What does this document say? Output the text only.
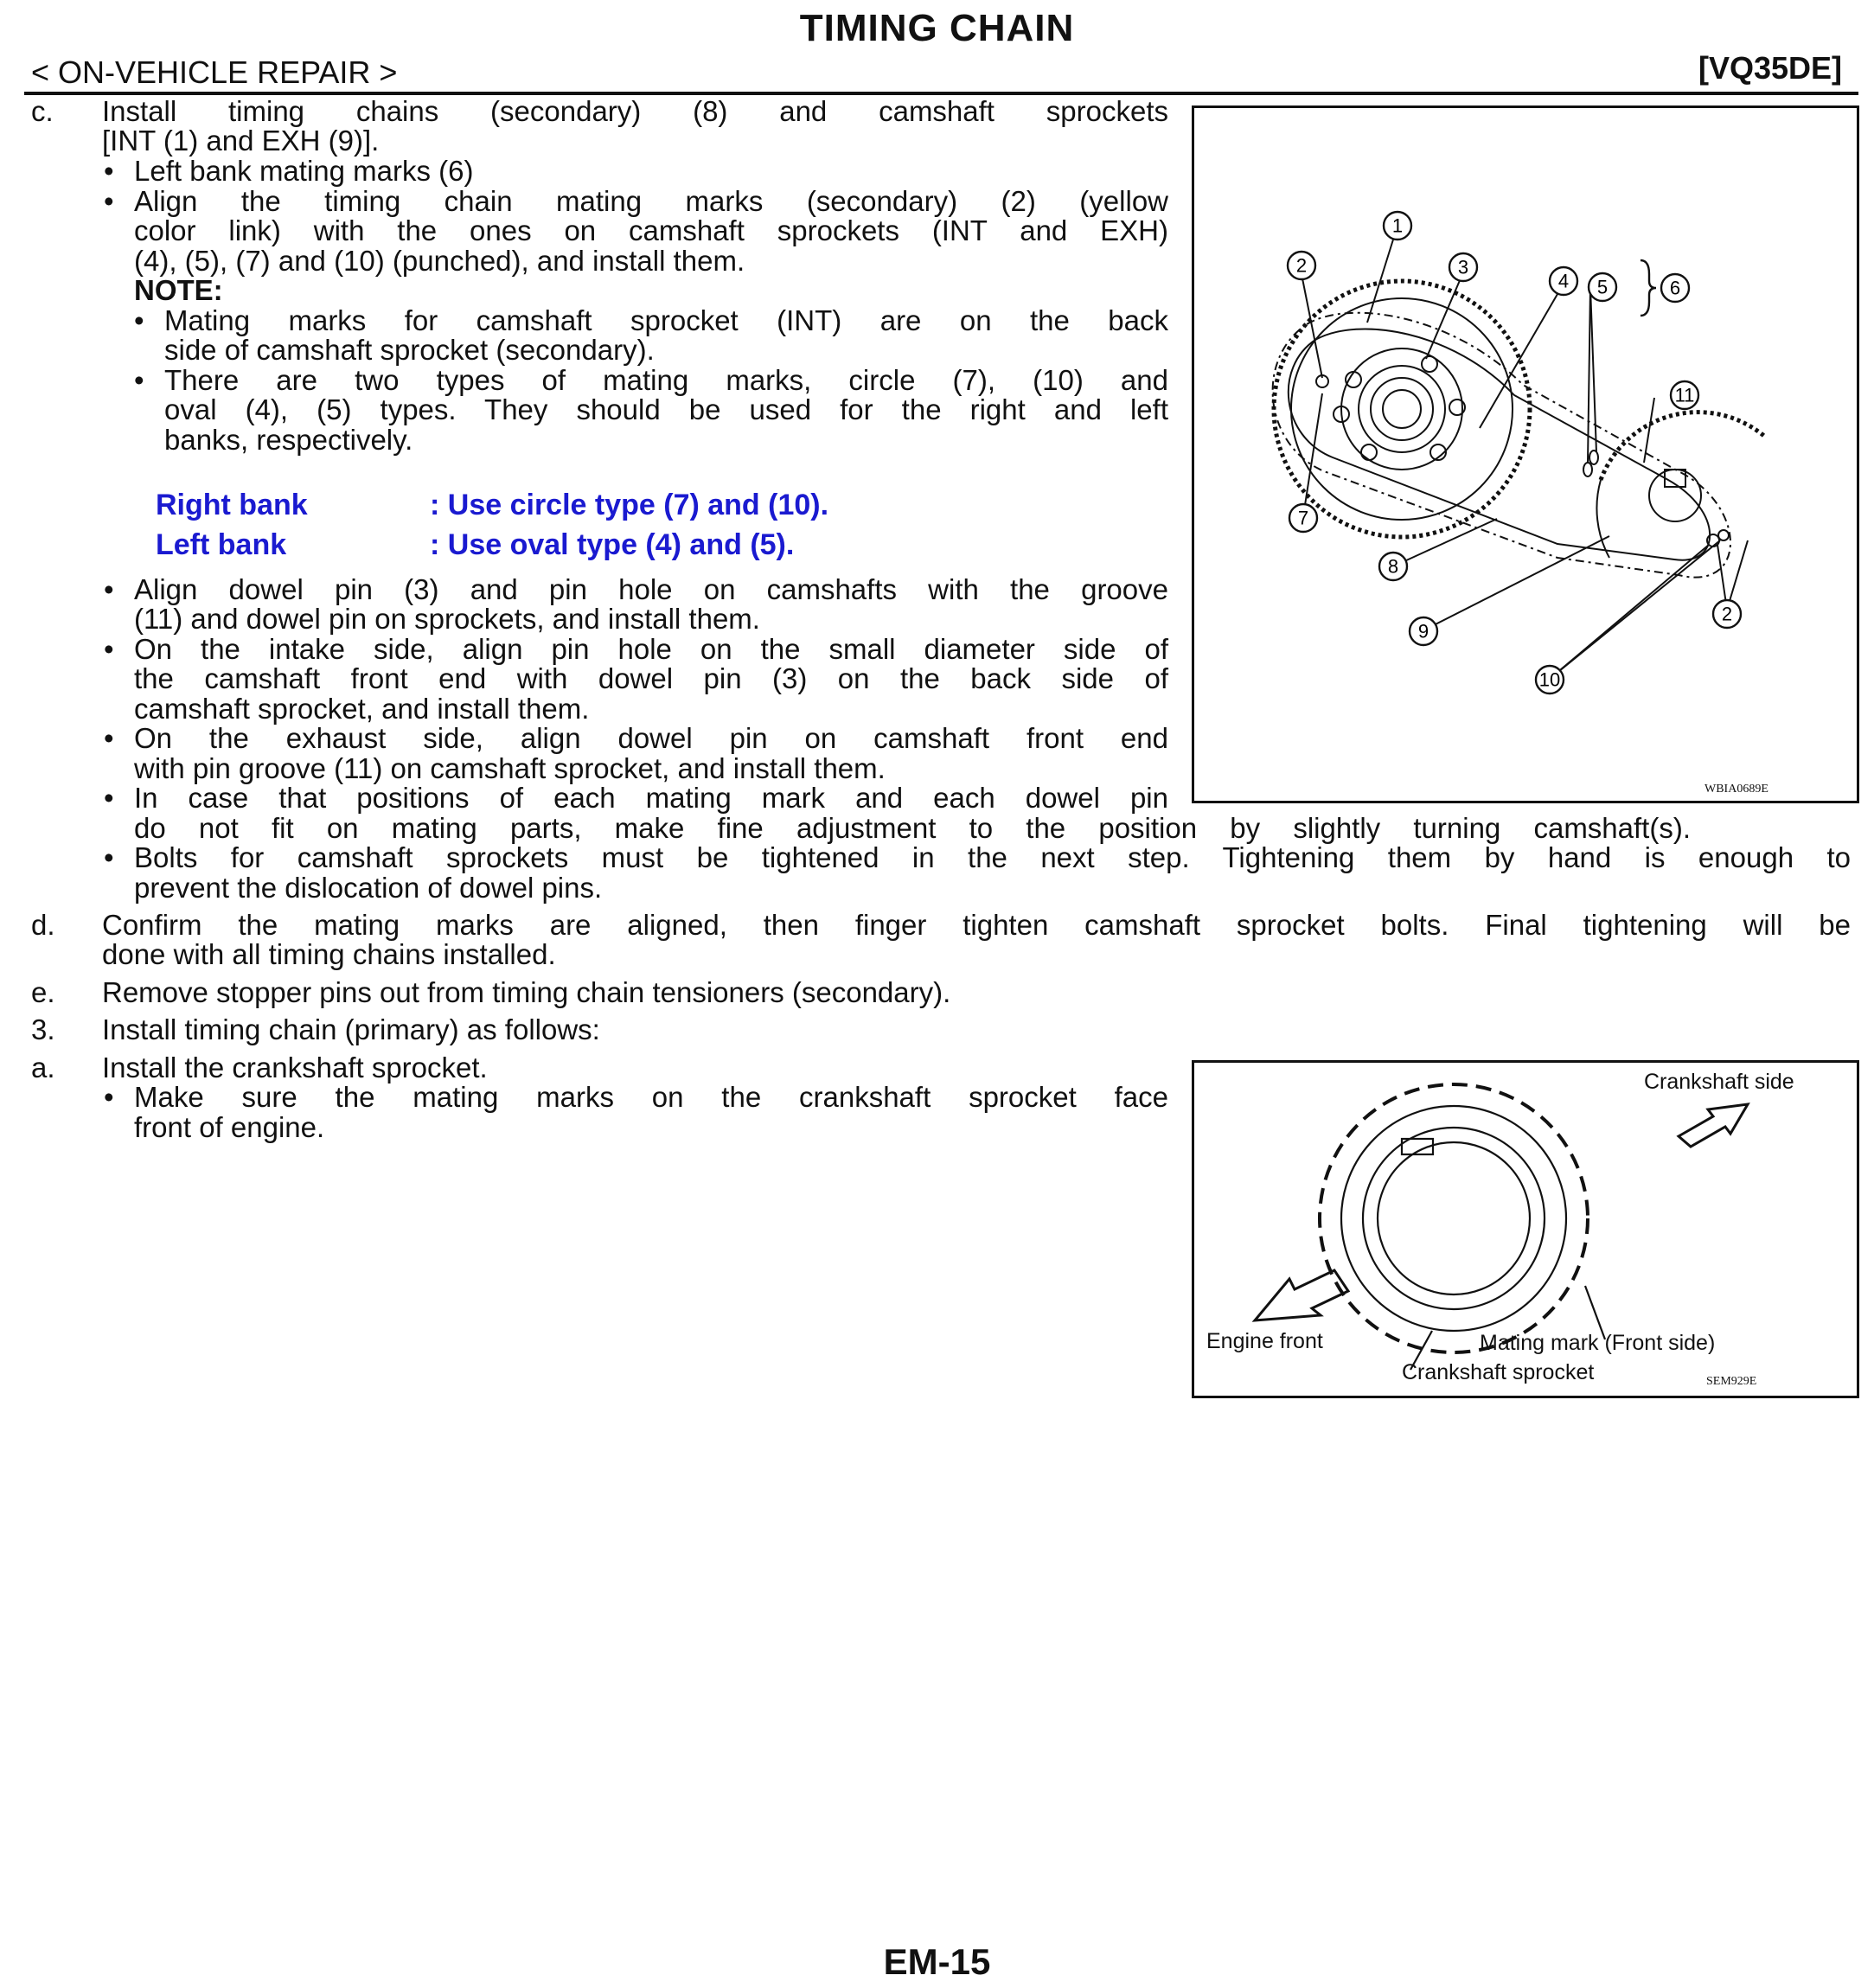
TIMING CHAIN
< ON-VEHICLE REPAIR >	[VQ35DE]
c. Install timing chains (secondary) (8) and camshaft sprockets
[INT (1) and EXH (9)].
• Left bank mating marks (6)
• Align the timing chain mating marks (secondary) (2) (yellow
color link) with the ones on camshaft sprockets (INT and EXH)
(4), (5), (7) and (10) (punched), and install them.
NOTE:
• Mating marks for camshaft sprocket (INT) are on the back
side of camshaft sprocket (secondary).
• There are two types of mating marks, circle (7), (10) and
oval (4), (5) types. They should be used for the right and left
banks, respectively.
Right bank	: Use circle type (7) and (10).
Left bank	: Use oval type (4) and (5).
• Align dowel pin (3) and pin hole on camshafts with the groove
(11) and dowel pin on sprockets, and install them.
• On the intake side, align pin hole on the small diameter side of
the camshaft front end with dowel pin (3) on the back side of
camshaft sprocket, and install them.
• On the exhaust side, align dowel pin on camshaft front end
with pin groove (11) on camshaft sprocket, and install them.
• In case that positions of each mating mark and each dowel pin
do not fit on mating parts, make fine adjustment to the position by slightly turning camshaft(s).
• Bolts for camshaft sprockets must be tightened in the next step. Tightening them by hand is enough to
prevent the dislocation of dowel pins.
d. Confirm the mating marks are aligned, then finger tighten camshaft sprocket bolts. Final tightening will be
done with all timing chains installed.
e. Remove stopper pins out from timing chain tensioners (secondary).
3. Install timing chain (primary) as follows:
a. Install the crankshaft sprocket.
• Make sure the mating marks on the crankshaft sprocket face
front of engine.
1
2	3
4 5	6
7
8
9
10
11
2
WBIA0689E
Crankshaft side
Engine front	Mating mark (Front side)
Crankshaft sprocket	SEM929E
EM-15
